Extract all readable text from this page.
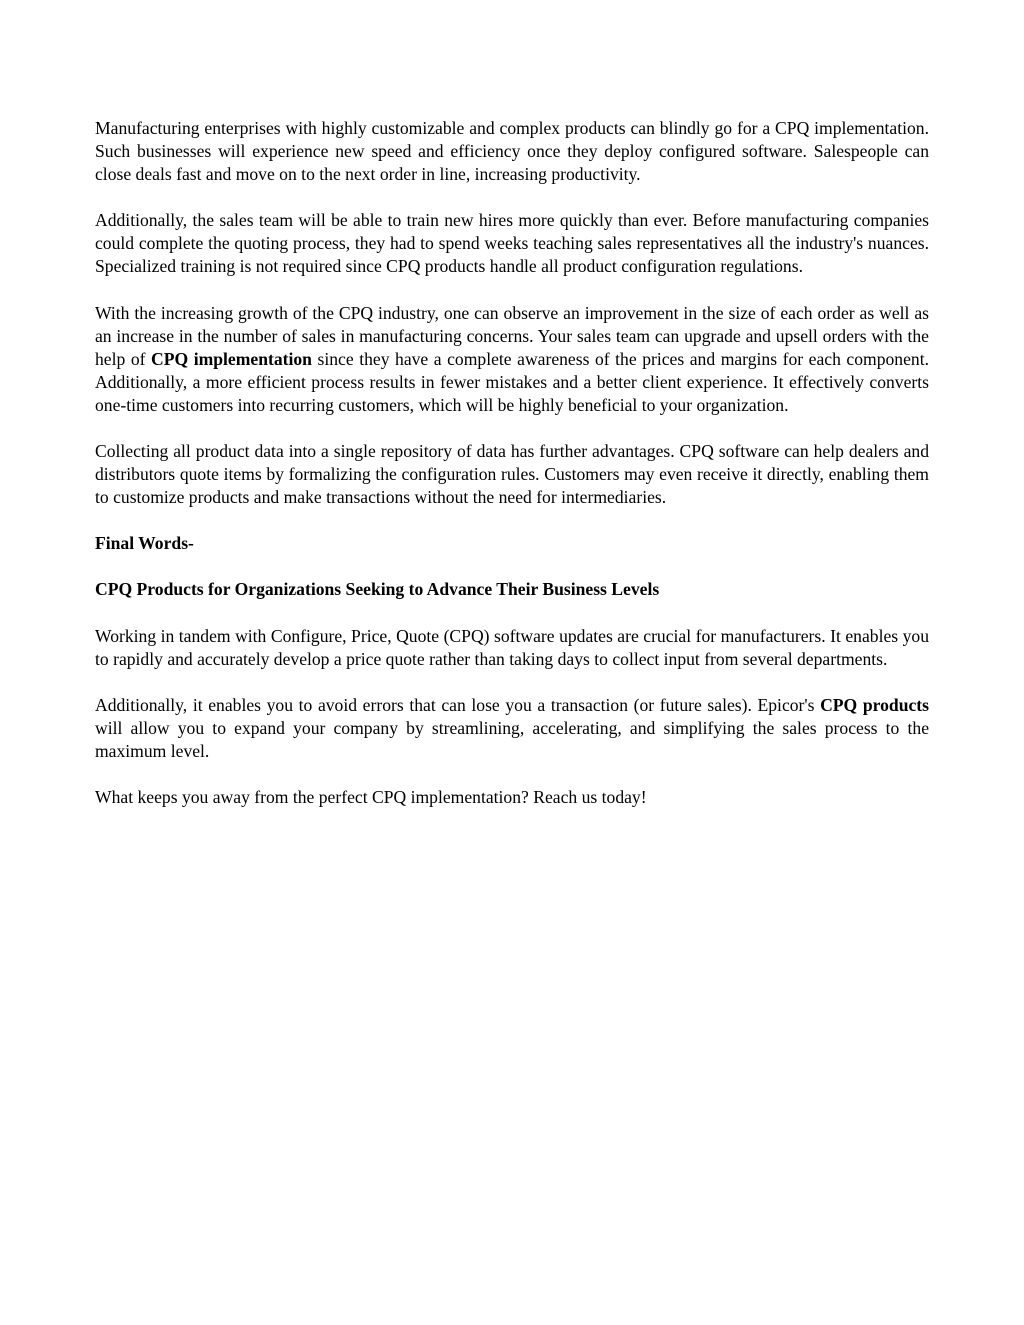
Manufacturing enterprises with highly customizable and complex products can blindly go for a CPQ implementation. Such businesses will experience new speed and efficiency once they deploy configured software. Salespeople can close deals fast and move on to the next order in line, increasing productivity.

Additionally, the sales team will be able to train new hires more quickly than ever. Before manufacturing companies could complete the quoting process, they had to spend weeks teaching sales representatives all the industry's nuances. Specialized training is not required since CPQ products handle all product configuration regulations.

With the increasing growth of the CPQ industry, one can observe an improvement in the size of each order as well as an increase in the number of sales in manufacturing concerns. Your sales team can upgrade and upsell orders with the help of CPQ implementation since they have a complete awareness of the prices and margins for each component. Additionally, a more efficient process results in fewer mistakes and a better client experience. It effectively converts one-time customers into recurring customers, which will be highly beneficial to your organization.

Collecting all product data into a single repository of data has further advantages. CPQ software can help dealers and distributors quote items by formalizing the configuration rules. Customers may even receive it directly, enabling them to customize products and make transactions without the need for intermediaries.

Final Words-

CPQ Products for Organizations Seeking to Advance Their Business Levels

Working in tandem with Configure, Price, Quote (CPQ) software updates are crucial for manufacturers. It enables you to rapidly and accurately develop a price quote rather than taking days to collect input from several departments.

Additionally, it enables you to avoid errors that can lose you a transaction (or future sales). Epicor's CPQ products will allow you to expand your company by streamlining, accelerating, and simplifying the sales process to the maximum level.

What keeps you away from the perfect CPQ implementation? Reach us today!
